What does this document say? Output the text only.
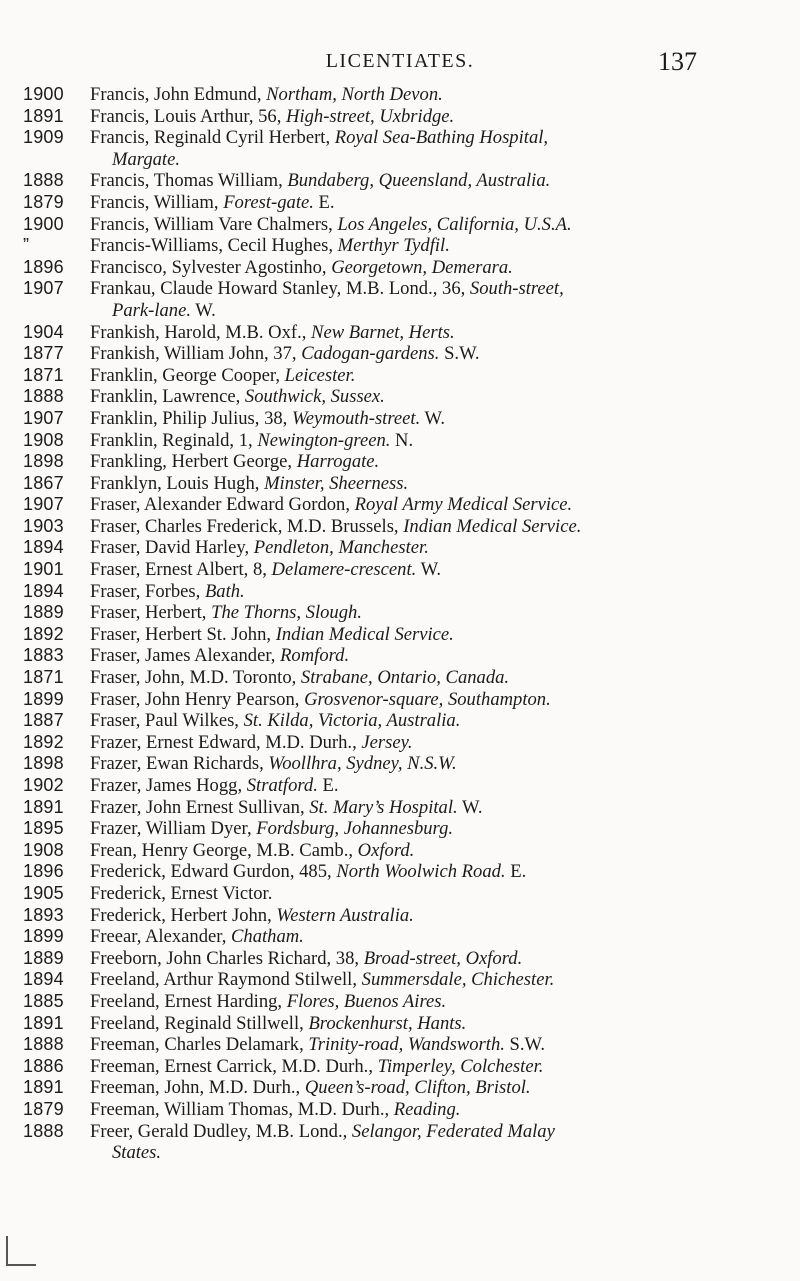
LICENTIATES.	137
1900	Francis, John Edmund, Northam, North Devon.
1891	Francis, Louis Arthur, 56, High-street, Uxbridge.
1909	Francis, Reginald Cyril Herbert, Royal Sea-Bathing Hospital,
Margate.
1888	Francis, Thomas William, Bundaberg, Queensland, Australia.
1879	Francis, William, Forest-gate. E.
1900	Francis, William Vare Chalmers, Los Angeles, California, U.S.A.
”	Francis-Williams, Cecil Hughes, Merthyr Tydfil.
1896	Francisco, Sylvester Agostinho, Georgetown, Demerara.
1907	Frankau, Claude Howard Stanley, M.B. Lond., 36, South-street,
Park-lane. W.
1904	Frankish, Harold, M.B. Oxf., New Barnet, Herts.
1877	Frankish, William John, 37, Cadogan-gardens. S.W.
1871	Franklin, George Cooper, Leicester.
1888	Franklin, Lawrence, Southwick, Sussex.
1907	Franklin, Philip Julius, 38, Weymouth-street. W.
1908	Franklin, Reginald, 1, Newington-green. N.
1898	Frankling, Herbert George, Harrogate.
1867	Franklyn, Louis Hugh, Minster, Sheerness.
1907	Fraser, Alexander Edward Gordon, Royal Army Medical Service.
1903	Fraser, Charles Frederick, M.D. Brussels, Indian Medical Service.
1894	Fraser, David Harley, Pendleton, Manchester.
1901	Fraser, Ernest Albert, 8, Delamere-crescent. W.
1894	Fraser, Forbes, Bath.
1889	Fraser, Herbert, The Thorns, Slough.
1892	Fraser, Herbert St. John, Indian Medical Service.
1883	Fraser, James Alexander, Romford.
1871	Fraser, John, M.D. Toronto, Strabane, Ontario, Canada.
1899	Fraser, John Henry Pearson, Grosvenor-square, Southampton.
1887	Fraser, Paul Wilkes, St. Kilda, Victoria, Australia.
1892	Frazer, Ernest Edward, M.D. Durh., Jersey.
1898	Frazer, Ewan Richards, Woollhra, Sydney, N.S.W.
1902	Frazer, James Hogg, Stratford. E.
1891	Frazer, John Ernest Sullivan, St. Mary’s Hospital. W.
1895	Frazer, William Dyer, Fordsburg, Johannesburg.
1908	Frean, Henry George, M.B. Camb., Oxford.
1896	Frederick, Edward Gurdon, 485, North Woolwich Road. E.
1905	Frederick, Ernest Victor.
1893	Frederick, Herbert John, Western Australia.
1899	Freear, Alexander, Chatham.
1889	Freeborn, John Charles Richard, 38, Broad-street, Oxford.
1894	Freeland, Arthur Raymond Stilwell, Summersdale, Chichester.
1885	Freeland, Ernest Harding, Flores, Buenos Aires.
1891	Freeland, Reginald Stillwell, Brockenhurst, Hants.
1888	Freeman, Charles Delamark, Trinity-road, Wandsworth. S.W.
1886	Freeman, Ernest Carrick, M.D. Durh., Timperley, Colchester.
1891	Freeman, John, M.D. Durh., Queen’s-road, Clifton, Bristol.
1879	Freeman, William Thomas, M.D. Durh., Reading.
1888	Freer, Gerald Dudley, M.B. Lond., Selangor, Federated Malay
States.
